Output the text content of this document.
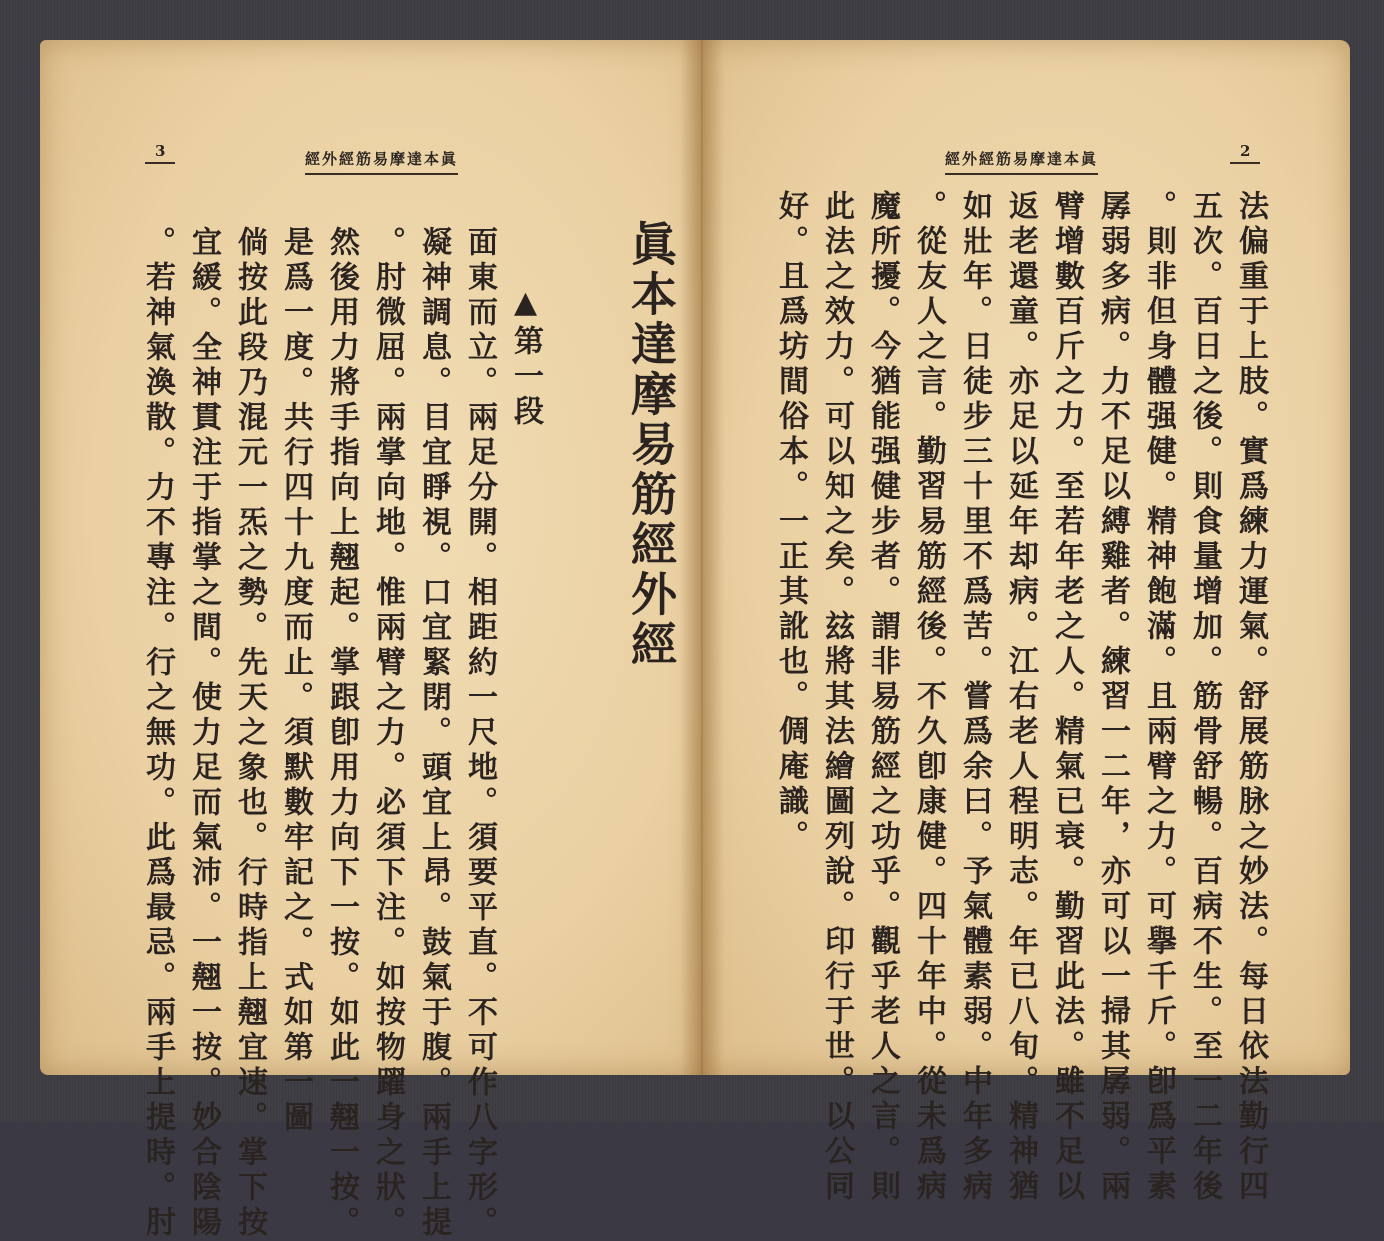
3	經外經筋易摩達本眞
眞本達摩易筋經外經
▲第一段
面東而立。兩足分開。相距約一尺地。須要平直。不可作八字形。
凝神調息。目宜睜視。口宜緊閉。頭宜上昂。鼓氣于腹。兩手上提
。肘微屈。兩掌向地。惟兩臂之力。必須下注。如按物躍身之狀。
然後用力將手指向上翹起。掌跟卽用力向下一按。如此一翹一按。
是爲一度。共行四十九度而止。須默數牢記之。式如第一圖
倘按此段乃混元一炁之勢。先天之象也。行時指上翹宜速。掌下按
宜緩。全神貫注于指掌之間。使力足而氣沛。一翹一按。妙合陰陽
。若神氣渙散。力不專注。行之無功。此爲最忌。兩手上提時。肘
經外經筋易摩達本眞	2
法偏重于上肢。實爲練力運氣。舒展筋脉之妙法。每日依法勤行四
五次。百日之後。則食量增加。筋骨舒暢。百病不生。至一二年後
。則非但身體强健。精神飽滿。且兩臂之力。可擧千斤。卽爲平素
孱弱多病。力不足以縛雞者。練習一二年，亦可以一掃其孱弱。兩
臂增數百斤之力。至若年老之人。精氣已衰。勤習此法。雖不足以
返老還童。亦足以延年却病。江右老人程明志。年已八旬。精神猶
如壯年。日徒步三十里不爲苦。嘗爲余曰。予氣體素弱。中年多病
。從友人之言。勤習易筋經後。不久卽康健。四十年中。從未爲病
魔所擾。今猶能强健步者。謂非易筋經之功乎。觀乎老人之言。則
此法之效力。可以知之矣。玆將其法繪圖列說。印行于世。以公同
好。且爲坊間俗本。一正其訛也。倜庵識。
